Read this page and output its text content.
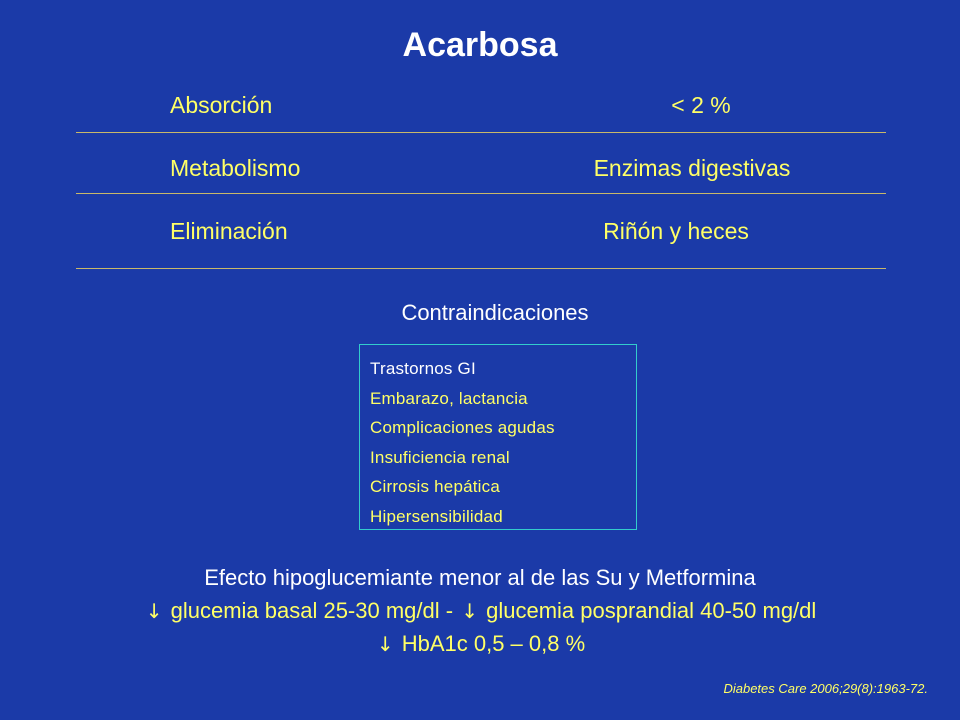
Acarbosa
Absorción	< 2 %
Metabolismo	Enzimas digestivas
Eliminación	Riñón y heces
Contraindicaciones
Trastornos GI
Embarazo, lactancia
Complicaciones agudas
Insuficiencia renal
Cirrosis hepática
Hipersensibilidad
Efecto hipoglucemiante menor al de las Su y Metformina
↓ glucemia basal 25-30 mg/dl - ↓ glucemia posprandial 40-50 mg/dl
↓ HbA1c 0,5 – 0,8 %
Diabetes Care 2006;29(8):1963-72.
